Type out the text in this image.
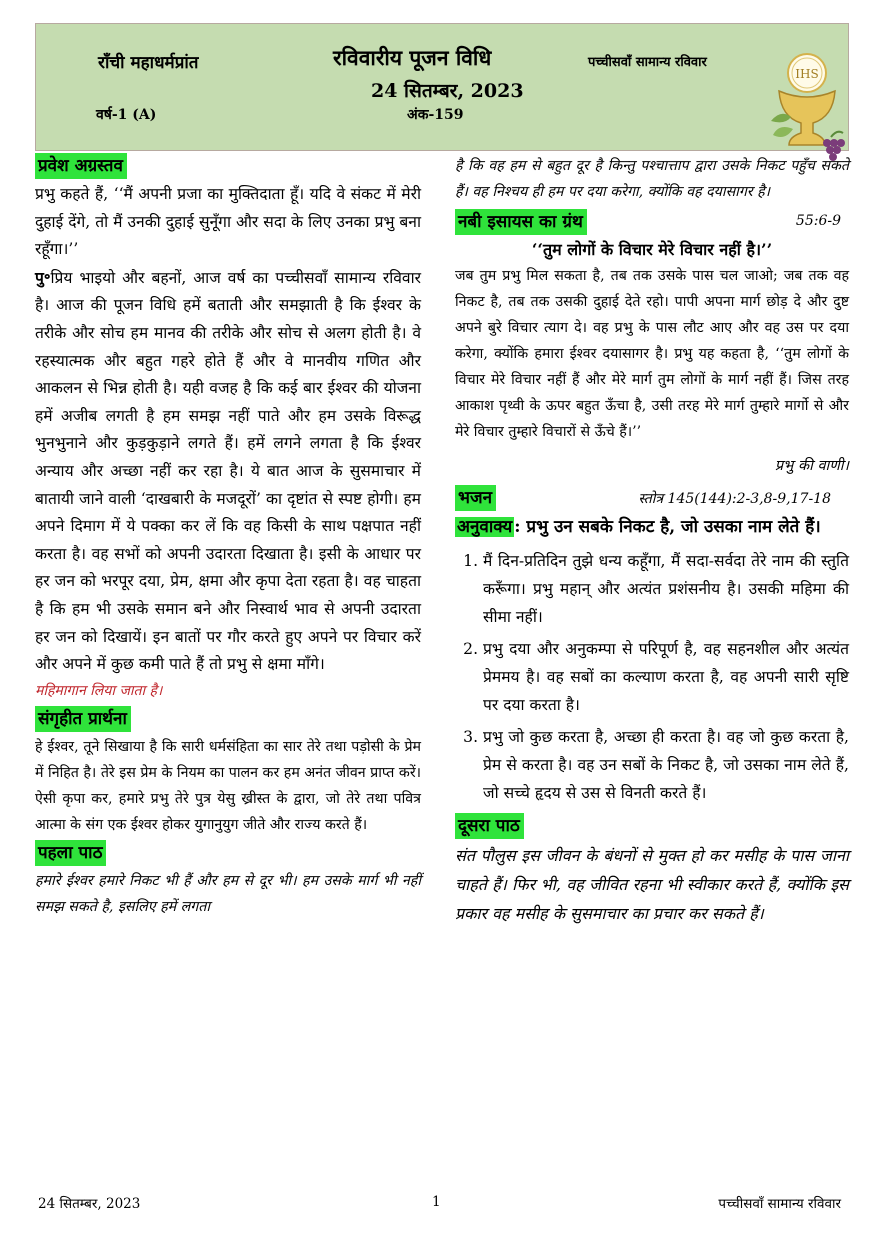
राँची महाधर्मप्रांत	रविवारीय पूजन विधि
24 सितम्बर, 2023
पच्चीसवाँ सामान्य रविवार
वर्ष-1 (A)	अंक-159
IHS
प्रवेश अग्रस्तव

प्रभु कहते हैं, ‘‘मैं अपनी प्रजा का मुक्तिदाता हूँ। यदि वे संकट में मेरी दुहाई देंगे, तो मैं उनकी दुहाई सुनूँगा और सदा के लिए उनका प्रभु बना रहूँगा।’’

पु॰प्रिय भाइयो और बहनों, आज वर्ष का पच्चीसवाँ सामान्य रविवार है। आज की पूजन विधि हमें बताती और समझाती है कि ईश्वर के तरीके और सोच हम मानव की तरीके और सोच से अलग होती है। वे रहस्यात्मक और बहुत गहरे होते हैं और वे मानवीय गणित और आकलन से भिन्न होती है। यही वजह है कि कई बार ईश्वर की योजना हमें अजीब लगती है हम समझ नहीं पाते और हम उसके विरूद्ध भुनभुनाने और कुड़कुड़ाने लगते हैं। हमें लगने लगता है कि ईश्वर अन्याय और अच्छा नहीं कर रहा है। ये बात आज के सुसमाचार में बातायी जाने वाली ‘दाखबारी के मजदूरों’ का दृष्टांत से स्पष्ट होगी। हम अपने दिमाग में ये पक्का कर लें कि वह किसी के साथ पक्षपात नहीं करता है। वह सभों को अपनी उदारता दिखाता है। इसी के आधार पर हर जन को भरपूर दया, प्रेम, क्षमा और कृपा देता रहता है। वह चाहता है कि हम भी उसके समान बने और निस्वार्थ भाव से अपनी उदारता हर जन को दिखायें। इन बातों पर गौर करते हुए अपने पर विचार करें और अपने में कुछ कमी पाते हैं तो प्रभु से क्षमा माँगे।

महिमागान लिया जाता है।
संगृहीत प्रार्थना

हे ईश्वर, तूने सिखाया है कि सारी धर्मसंहिता का सार तेरे तथा पड़ोसी के प्रेम में निहित है। तेरे इस प्रेम के नियम का पालन कर हम अनंत जीवन प्राप्त करें। ऐसी कृपा कर, हमारे प्रभु तेरे पुत्र येसु ख्रीस्त के द्वारा, जो तेरे तथा पवित्र आत्मा के संग एक ईश्वर होकर युगानुयुग जीते और राज्य करते हैं।

पहला पाठ

हमारे ईश्वर हमारे निकट भी हैं और हम से दूर भी। हम उसके मार्ग भी नहीं समझ सकते है, इसलिए हमें लगता

है कि वह हम से बहुत दूर है किन्तु पश्चात्ताप द्वारा उसके निकट पहुँच सकते हैं। वह निश्चय ही हम पर दया करेगा, क्योंकि वह दयासागर है।

नबी इसायस का ग्रंथ	55:6-9
‘‘तुम लोगों के विचार मेरे विचार नहीं है।’’

जब तुम प्रभु मिल सकता है, तब तक उसके पास चल जाओ; जब तक वह निकट है, तब तक उसकी दुहाई देते रहो। पापी अपना मार्ग छोड़ दे और दुष्ट अपने बुरे विचार त्याग दे। वह प्रभु के पास लौट आए और वह उस पर दया करेगा, क्योंकि हमारा ईश्वर दयासागर है। प्रभु यह कहता है, ‘‘तुम लोगों के विचार मेरे विचार नहीं हैं और मेरे मार्ग तुम लोगों के मार्ग नहीं हैं। जिस तरह आकाश पृथ्वी के ऊपर बहुत ऊँचा है, उसी तरह मेरे मार्ग तुम्हारे मार्गो से और मेरे विचार तुम्हारे विचारों से ऊँचे हैं।’’

प्रभु की वाणी।
भजन	स्तोत्र 145(144):2-3,8-9,17-18
अनुवाक्य : प्रभु उन सबके निकट है, जो उसका नाम लेते हैं।
1. मैं दिन-प्रतिदिन तुझे धन्य कहूँगा, मैं सदा-सर्वदा तेरे नाम की स्तुति करूँगा। प्रभु महान् और अत्यंत प्रशंसनीय है। उसकी महिमा की सीमा नहीं।
2. प्रभु दया और अनुकम्पा से परिपूर्ण है, वह सहनशील और अत्यंत प्रेममय है। वह सबों का कल्याण करता है, वह अपनी सारी सृष्टि पर दया करता है।
3. प्रभु जो कुछ करता है, अच्छा ही करता है। वह जो कुछ करता है, प्रेम से करता है। वह उन सबों के निकट है, जो उसका नाम लेते हैं, जो सच्चे हृदय से उस से विनती करते हैं।
दूसरा पाठ

संत पौलुस इस जीवन के बंधनों से मुक्त हो कर मसीह के पास जाना चाहते हैं। फिर भी, वह जीवित रहना भी स्वीकार करते हैं, क्योंकि इस प्रकार वह मसीह के सुसमाचार का प्रचार कर सकते हैं।

24 सितम्बर, 2023	1	पच्चीसवाँ सामान्य रविवार
